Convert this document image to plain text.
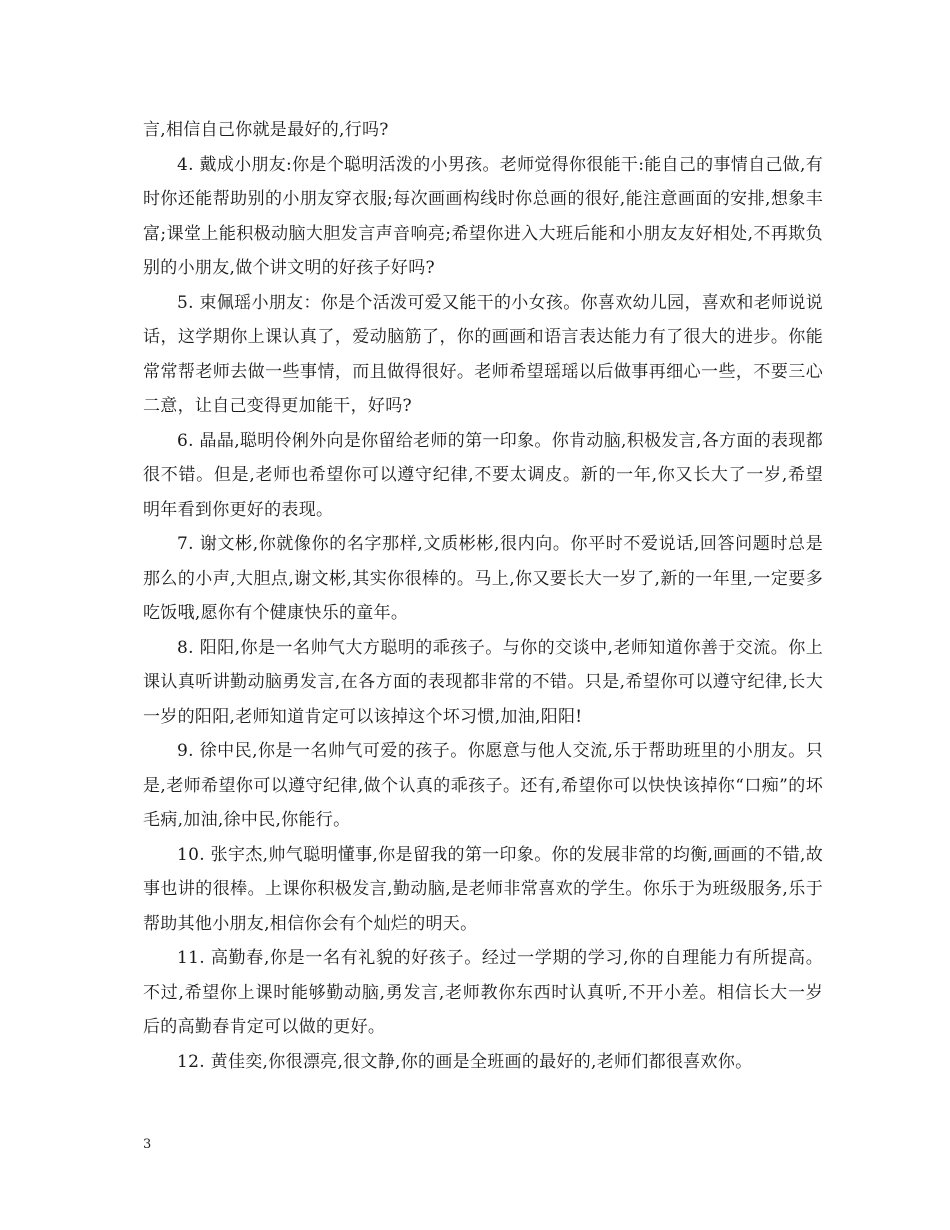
言,相信自己你就是最好的,行吗?

4. 戴成小朋友:你是个聪明活泼的小男孩。老师觉得你很能干:能自己的事情自己做,有时你还能帮助别的小朋友穿衣服;每次画画构线时你总画的很好,能注意画面的安排,想象丰富;课堂上能积极动脑大胆发言声音响亮;希望你进入大班后能和小朋友友好相处,不再欺负别的小朋友,做个讲文明的好孩子好吗?

5. 束佩瑶小朋友：你是个活泼可爱又能干的小女孩。你喜欢幼儿园，喜欢和老师说说话，这学期你上课认真了，爱动脑筋了，你的画画和语言表达能力有了很大的进步。你能常常帮老师去做一些事情，而且做得很好。老师希望瑶瑶以后做事再细心一些，不要三心二意，让自己变得更加能干，好吗?

6. 晶晶,聪明伶俐外向是你留给老师的第一印象。你肯动脑,积极发言,各方面的表现都很不错。但是,老师也希望你可以遵守纪律,不要太调皮。新的一年,你又长大了一岁,希望明年看到你更好的表现。

7. 谢文彬,你就像你的名字那样,文质彬彬,很内向。你平时不爱说话,回答问题时总是那么的小声,大胆点,谢文彬,其实你很棒的。马上,你又要长大一岁了,新的一年里,一定要多吃饭哦,愿你有个健康快乐的童年。

8. 阳阳,你是一名帅气大方聪明的乖孩子。与你的交谈中,老师知道你善于交流。你上课认真听讲勤动脑勇发言,在各方面的表现都非常的不错。只是,希望你可以遵守纪律,长大一岁的阳阳,老师知道肯定可以该掉这个坏习惯,加油,阳阳!

9. 徐中民,你是一名帅气可爱的孩子。你愿意与他人交流,乐于帮助班里的小朋友。只是,老师希望你可以遵守纪律,做个认真的乖孩子。还有,希望你可以快快该掉你“口痴”的坏毛病,加油,徐中民,你能行。

10. 张宇杰,帅气聪明懂事,你是留我的第一印象。你的发展非常的均衡,画画的不错,故事也讲的很棒。上课你积极发言,勤动脑,是老师非常喜欢的学生。你乐于为班级服务,乐于帮助其他小朋友,相信你会有个灿烂的明天。

11. 高勤春,你是一名有礼貌的好孩子。经过一学期的学习,你的自理能力有所提高。不过,希望你上课时能够勤动脑,勇发言,老师教你东西时认真听,不开小差。相信长大一岁后的高勤春肯定可以做的更好。

12. 黄佳奕,你很漂亮,很文静,你的画是全班画的最好的,老师们都很喜欢你。

3
